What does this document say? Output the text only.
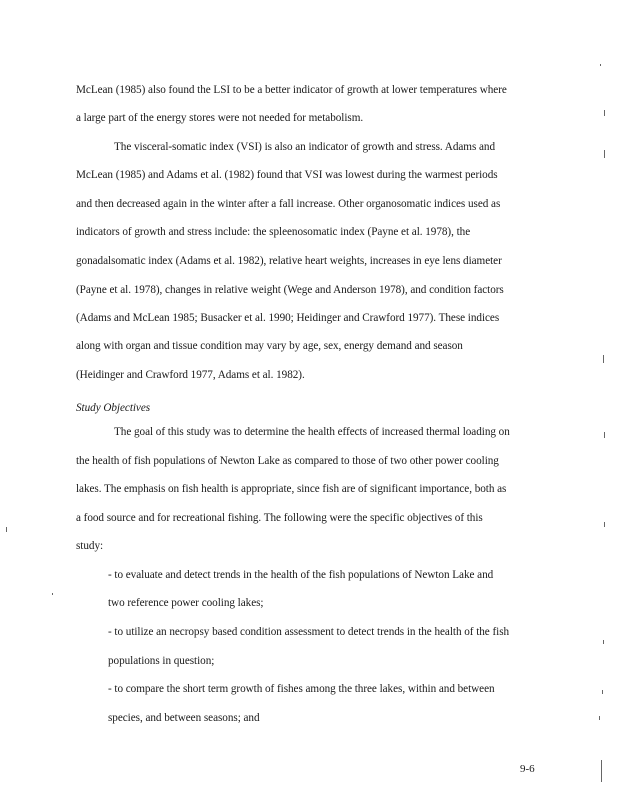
McLean (1985) also found the LSI to be a better indicator of growth at lower temperatures where

a large part of the energy stores were not needed for metabolism.

The visceral-somatic index (VSI) is also an indicator of growth and stress. Adams and

McLean (1985) and Adams et al. (1982) found that VSI was lowest during the warmest periods

and then decreased again in the winter after a fall increase. Other organosomatic indices used as

indicators of growth and stress include: the spleenosomatic index (Payne et al. 1978), the

gonadalsomatic index (Adams et al. 1982), relative heart weights, increases in eye lens diameter

(Payne et al. 1978), changes in relative weight (Wege and Anderson 1978), and condition factors

(Adams and McLean 1985; Busacker et al. 1990; Heidinger and Crawford 1977). These indices

along with organ and tissue condition may vary by age, sex, energy demand and season

(Heidinger and Crawford 1977, Adams et al. 1982).

Study Objectives

The goal of this study was to determine the health effects of increased thermal loading on

the health of fish populations of Newton Lake as compared to those of two other power cooling

lakes. The emphasis on fish health is appropriate, since fish are of significant importance, both as

a food source and for recreational fishing. The following were the specific objectives of this

study:

- to evaluate and detect trends in the health of the fish populations of Newton Lake and

two reference power cooling lakes;

- to utilize an necropsy based condition assessment to detect trends in the health of the fish

populations in question;

- to compare the short term growth of fishes among the three lakes, within and between

species, and between seasons; and

9-6
